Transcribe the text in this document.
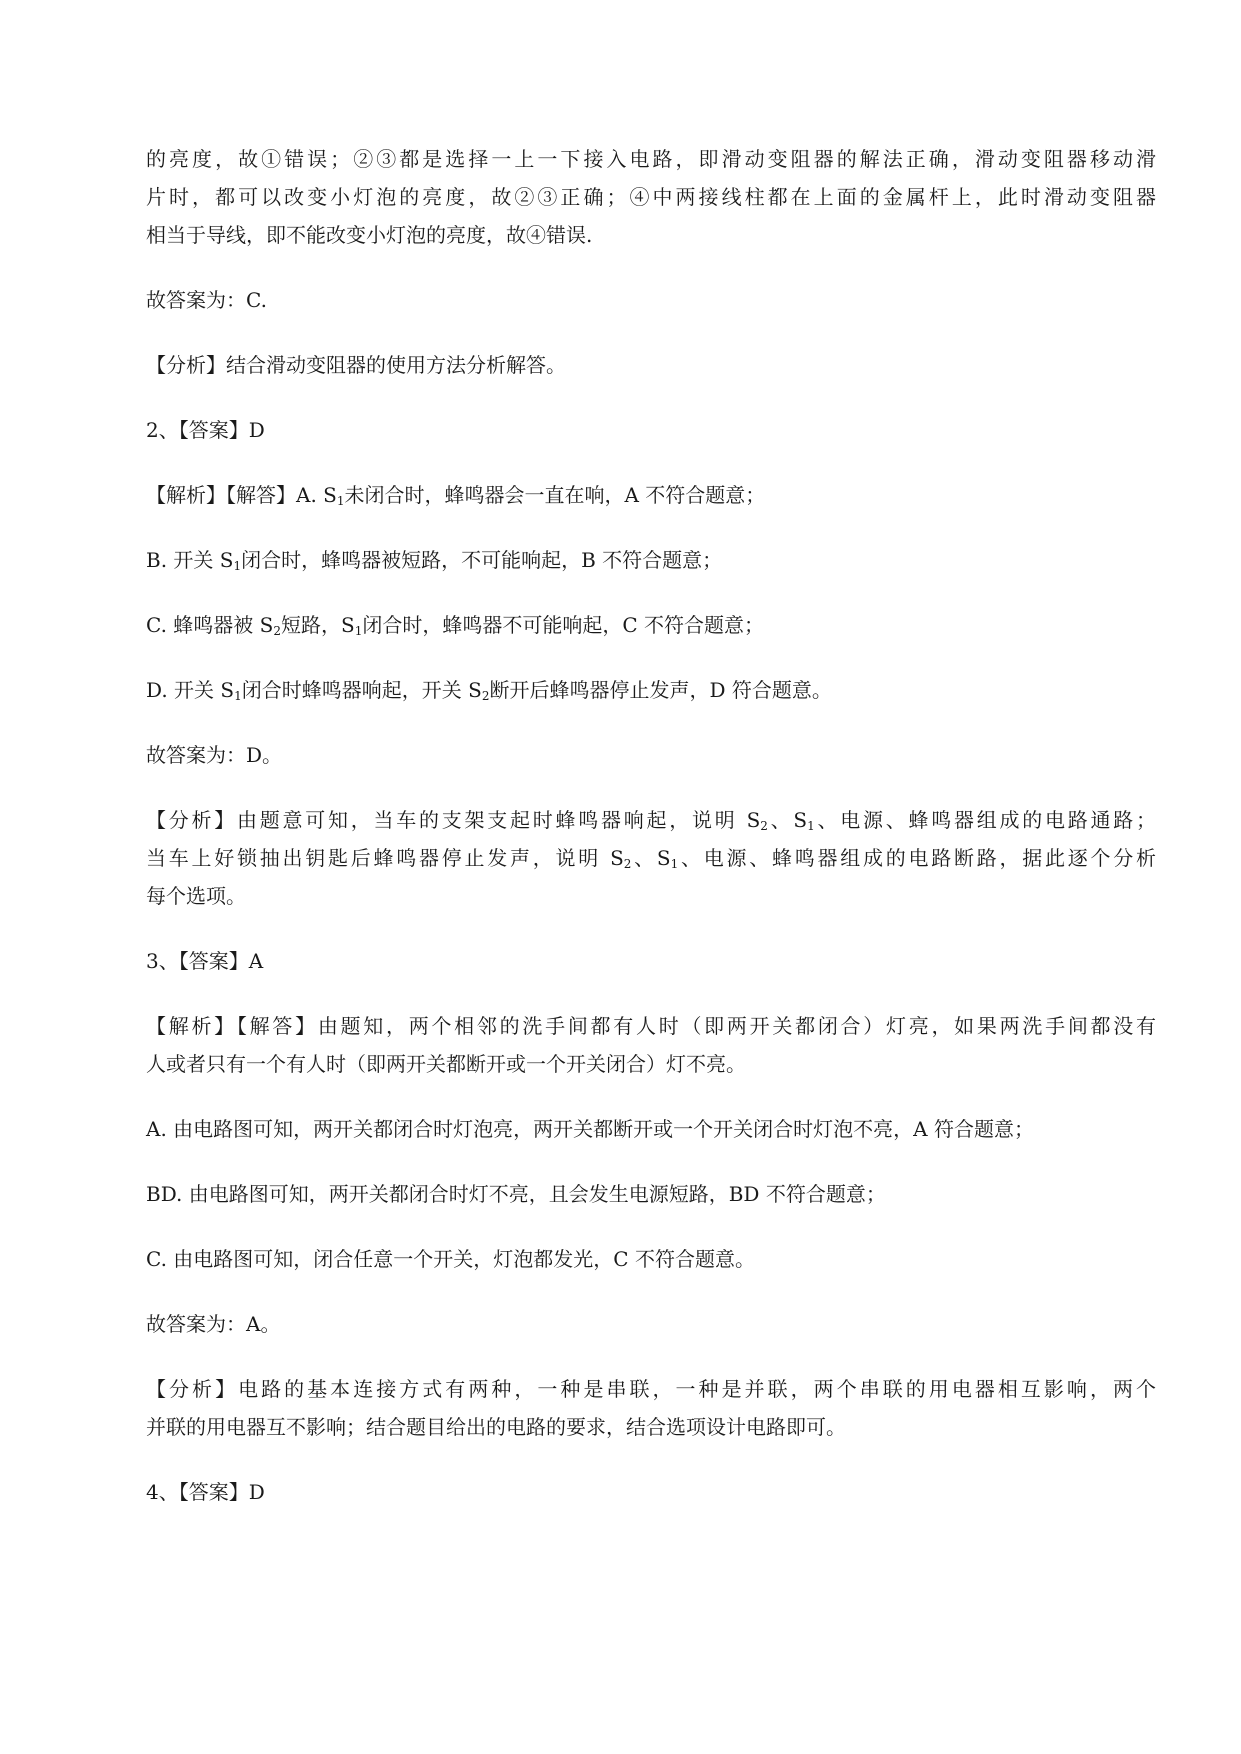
的亮度，故①错误；②③都是选择一上一下接入电路，即滑动变阻器的解法正确，滑动变阻器移动滑
片时，都可以改变小灯泡的亮度，故②③正确；④中两接线柱都在上面的金属杆上，此时滑动变阻器
相当于导线，即不能改变小灯泡的亮度，故④错误.
故答案为：C.
【分析】结合滑动变阻器的使用方法分析解答。
2、【答案】D
【解析】【解答】A. $S_1$未闭合时，蜂鸣器会一直在响，A 不符合题意；
B. 开关 $S_1$闭合时，蜂鸣器被短路，不可能响起，B 不符合题意；
C. 蜂鸣器被 $S_2$短路，$S_1$闭合时，蜂鸣器不可能响起，C 不符合题意；
D. 开关 $S_1$闭合时蜂鸣器响起，开关 $S_2$断开后蜂鸣器停止发声，D 符合题意。
故答案为：D。
【分析】由题意可知，当车的支架支起时蜂鸣器响起，说明 $S_2$、$S_1$、电源、蜂鸣器组成的电路通路；
当车上好锁抽出钥匙后蜂鸣器停止发声，说明 $S_2$、$S_1$、电源、蜂鸣器组成的电路断路，据此逐个分析
每个选项。
3、【答案】A
【解析】【解答】由题知，两个相邻的洗手间都有人时（即两开关都闭合）灯亮，如果两洗手间都没有
人或者只有一个有人时（即两开关都断开或一个开关闭合）灯不亮。
A. 由电路图可知，两开关都闭合时灯泡亮，两开关都断开或一个开关闭合时灯泡不亮，A 符合题意；
BD. 由电路图可知，两开关都闭合时灯不亮，且会发生电源短路，BD 不符合题意；
C. 由电路图可知，闭合任意一个开关，灯泡都发光，C 不符合题意。
故答案为：A。
【分析】电路的基本连接方式有两种，一种是串联，一种是并联，两个串联的用电器相互影响，两个
并联的用电器互不影响；结合题目给出的电路的要求，结合选项设计电路即可。
4、【答案】D
